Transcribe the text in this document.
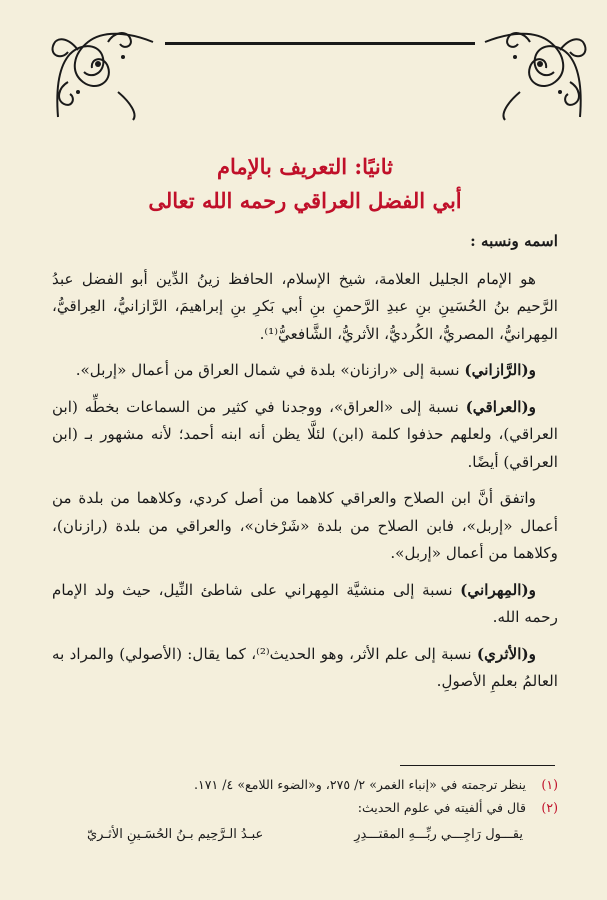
ثانيًا: التعريف بالإمام

أبي الفضل العراقي رحمه الله تعالى

اسمه ونسبه :

هو الإمام الجليل العلامة، شيخ الإسلام، الحافظ زينُ الدِّين أبو الفضل عبدُ الرَّحيم بنُ الحُسَينِ بنِ عبدِ الرَّحمنِ بنِ أبي بَكرِ بنِ إبراهيمَ، الرَّازانيُّ، العِراقيُّ، المِهرانيُّ، المصريُّ، الكُرديُّ، الأثريُّ، الشَّافعيُّ⁽¹⁾.

و(الرَّازاني) نسبة إلى «رازنان» بلدة في شمال العراق من أعمال «إربل».

و(العراقي) نسبة إلى «العراق»، ووجدنا في كثير من السماعات بخطِّه (ابن العراقي)، ولعلهم حذفوا كلمة (ابن) لئلَّا يظن أنه ابنه أحمد؛ لأنه مشهور بـ (ابن العراقي) أيضًا.

واتفق أنَّ ابن الصلاح والعراقي كلاهما من أصل كردي، وكلاهما من بلدة من أعمال «إربل»، فابن الصلاح من بلدة «شَرْخان»، والعراقي من بلدة (رازنان)، وكلاهما من أعمال «إربل».

و(المِهراني) نسبة إلى منشيَّة المِهراني على شاطئ النِّيل، حيث ولد الإمام رحمه الله.

و(الأثري) نسبة إلى علم الأثر، وهو الحديث⁽²⁾، كما يقال: (الأصولي) والمراد به العالمُ بعلمِ الأصولِ.

(١)
ينظر ترجمته في «إنباء الغمر» ٢/ ٢٧٥، و«الضوء اللامع» ٤/ ١٧١.

(٢)
قال في ألفيته في علوم الحديث:

يقـــول رَاجِـــي ربِّـــهِ المقتـــدِرِ
عبـدُ الـرَّحِيم بـنُ الحُسَـينِ الأثـريّ
